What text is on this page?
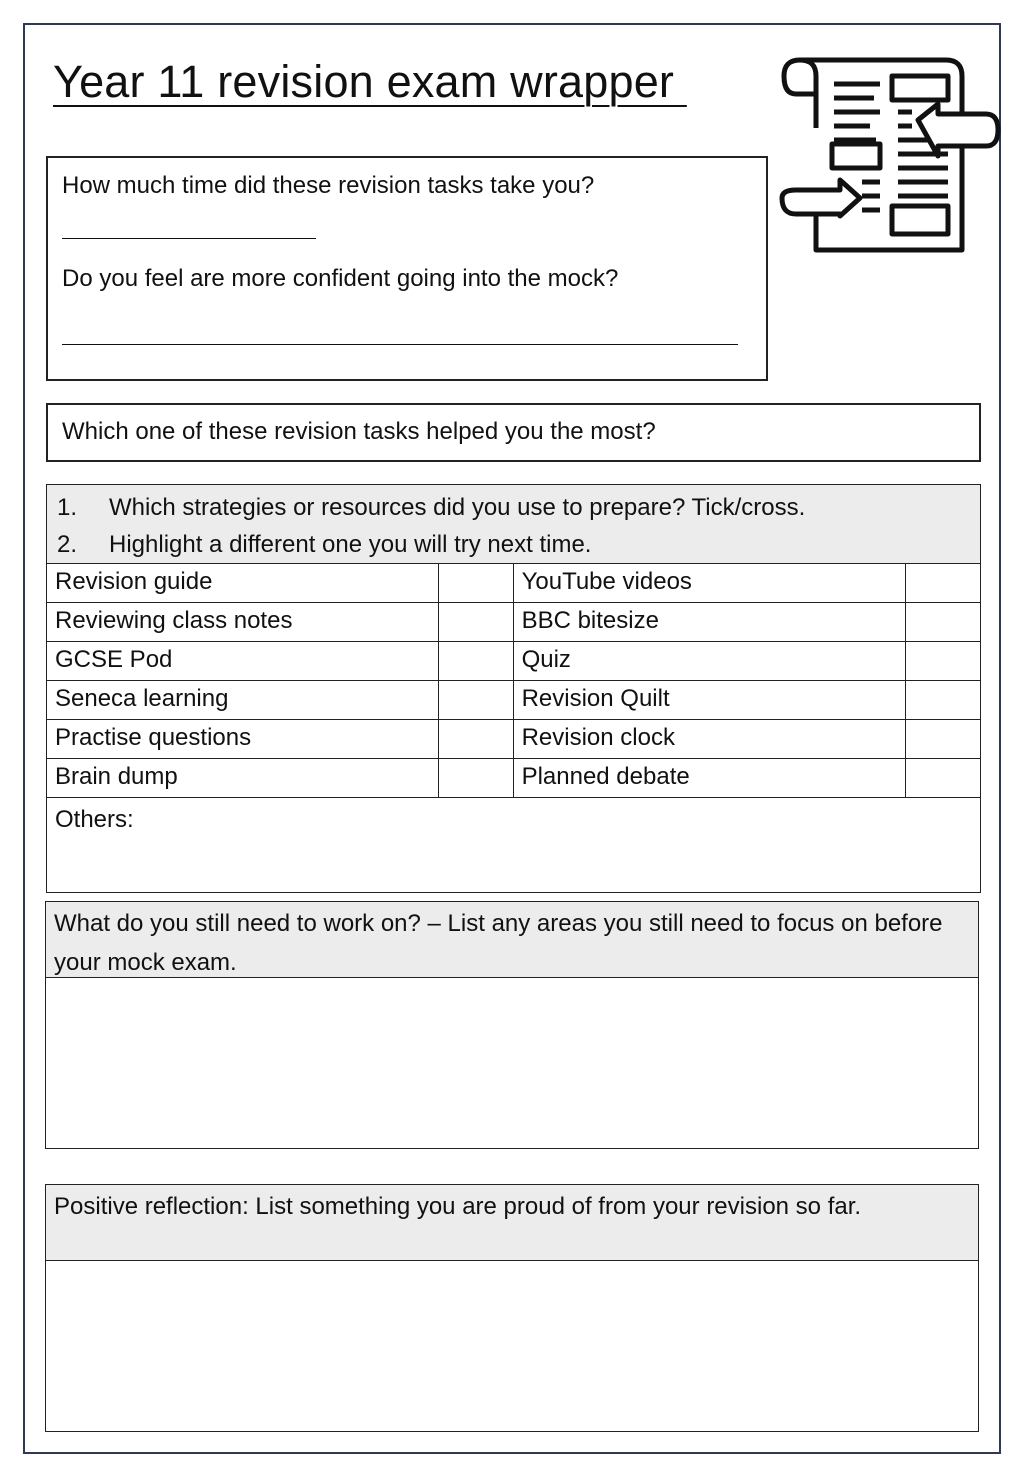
Year 11 revision exam wrapper
How much time did these revision tasks take you?
Do you feel are more confident going into the mock?
Which one of these revision tasks helped you the most?
1. Which strategies or resources did you use to prepare? Tick/cross.
2. Highlight a different one you will try next time.			

Revision guide		YouTube videos	
Reviewing class notes		BBC bitesize	
GCSE Pod		Quiz	
Seneca learning		Revision Quilt	
Practise questions		Revision clock	
Brain dump		Planned debate	
Others:			
What do you still need to work on? – List any areas you still need to focus on before your mock exam.
Positive reflection: List something you are proud of from your revision so far.
